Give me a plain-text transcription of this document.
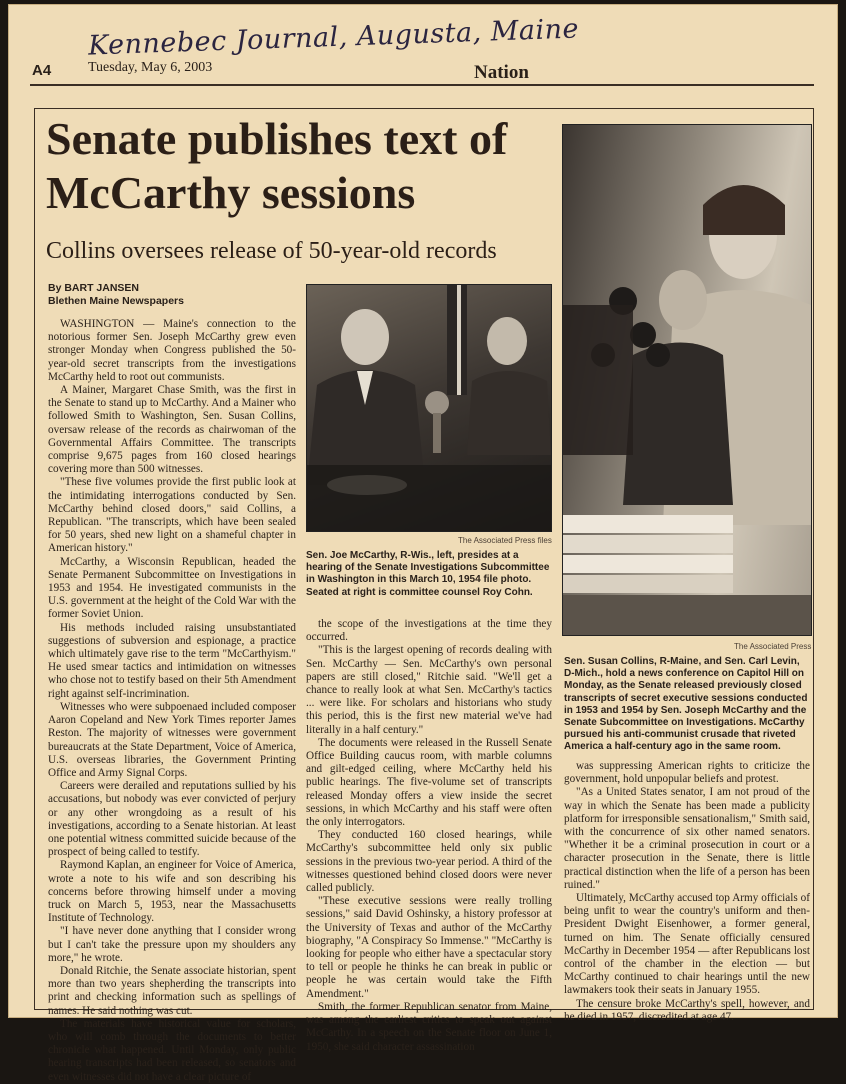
Kennebec Journal, Augusta, Maine
A4	Tuesday, May 6, 2003	Nation
Senate publishes text of McCarthy sessions
Collins oversees release of 50-year-old records
By BART JANSEN
Blethen Maine Newspapers

WASHINGTON — Maine's connection to the notorious former Sen. Joseph McCarthy grew even stronger Monday when Congress published the 50-year-old secret transcripts from the investigations McCarthy held to root out communists.

A Mainer, Margaret Chase Smith, was the first in the Senate to stand up to McCarthy. And a Mainer who followed Smith to Washington, Sen. Susan Collins, oversaw release of the records as chairwoman of the Governmental Affairs Committee. The transcripts comprise 9,675 pages from 160 closed hearings covering more than 500 witnesses.

"These five volumes provide the first public look at the intimidating interrogations conducted by Sen. McCarthy behind closed doors," said Collins, a Republican. "The transcripts, which have been sealed for 50 years, shed new light on a shameful chapter in American history."

McCarthy, a Wisconsin Republican, headed the Senate Permanent Subcommittee on Investigations in 1953 and 1954. He investigated communists in the U.S. government at the height of the Cold War with the former Soviet Union.

His methods included raising unsubstantiated suggestions of subversion and espionage, a practice which ultimately gave rise to the term "McCarthyism." He used smear tactics and intimidation on witnesses who chose not to testify based on their 5th Amendment right against self-incrimination.

Witnesses who were subpoenaed included composer Aaron Copeland and New York Times reporter James Reston. The majority of witnesses were government bureaucrats at the State Department, Voice of America, U.S. overseas libraries, the Government Printing Office and Army Signal Corps.

Careers were derailed and reputations sullied by his accusations, but nobody was ever convicted of perjury or any other wrongdoing as a result of his investigations, according to a Senate historian. At least one potential witness committed suicide because of the prospect of being called to testify.

Raymond Kaplan, an engineer for Voice of America, wrote a note to his wife and son describing his concerns before throwing himself under a moving truck on March 5, 1953, near the Massachusetts Institute of Technology.

"I have never done anything that I consider wrong but I can't take the pressure upon my shoulders any more," he wrote.

Donald Ritchie, the Senate associate historian, spent more than two years shepherding the transcripts into print and checking information such as spellings of names. He said nothing was cut.

The materials have historical value for scholars, who will comb through the documents to better chronicle what happened. Until Monday, only public hearing transcripts had been released, so senators and even witnesses did not have a clear picture of

The Associated Press files
Sen. Joe McCarthy, R-Wis., left, presides at a hearing of the Senate Investigations Subcommittee in Washington in this March 10, 1954 file photo. Seated at right is committee counsel Roy Cohn.

the scope of the investigations at the time they occurred.

"This is the largest opening of records dealing with Sen. McCarthy — Sen. McCarthy's own personal papers are still closed," Ritchie said. "We'll get a chance to really look at what Sen. McCarthy's tactics ... were like. For scholars and historians who study this period, this is the first new material we've had literally in a half century."

The documents were released in the Russell Senate Office Building caucus room, with marble columns and gilt-edged ceiling, where McCarthy held his public hearings. The five-volume set of transcripts released Monday offers a view inside the secret sessions, in which McCarthy and his staff were often the only interrogators.

They conducted 160 closed hearings, while McCarthy's subcommittee held only six public sessions in the previous two-year period. A third of the witnesses questioned behind closed doors were never called publicly.

"These executive sessions were really trolling sessions," said David Oshinsky, a history professor at the University of Texas and author of the McCarthy biography, "A Conspiracy So Immense." "McCarthy is looking for people who either have a spectacular story to tell or people he thinks he can break in public or people he was certain would take the Fifth Amendment."

Smith, the former Republican senator from Maine, was among the earliest critics to speak out against McCarthy. In a speech on the Senate floor on June 1, 1950, she said character assassination

The Associated Press
Sen. Susan Collins, R-Maine, and Sen. Carl Levin, D-Mich., hold a news conference on Capitol Hill on Monday, as the Senate released previously closed transcripts of secret executive sessions conducted in 1953 and 1954 by Sen. Joseph McCarthy and the Senate Subcommittee on Investigations. McCarthy pursued his anti-communist crusade that riveted America a half-century ago in the same room.

was suppressing American rights to criticize the government, hold unpopular beliefs and protest.

"As a United States senator, I am not proud of the way in which the Senate has been made a publicity platform for irresponsible sensationalism," Smith said, with the concurrence of six other named senators. "Whether it be a criminal prosecution in court or a character prosecution in the Senate, there is little practical distinction when the life of a person has been ruined."

Ultimately, McCarthy accused top Army officials of being unfit to wear the country's uniform and then-President Dwight Eisenhower, a former general, turned on him. The Senate officially censured McCarthy in December 1954 — after Republicans lost control of the chamber in the election — but McCarthy continued to chair hearings until the new lawmakers took their seats in January 1955.

The censure broke McCarthy's spell, however, and he died in 1957, discredited at age 47.
